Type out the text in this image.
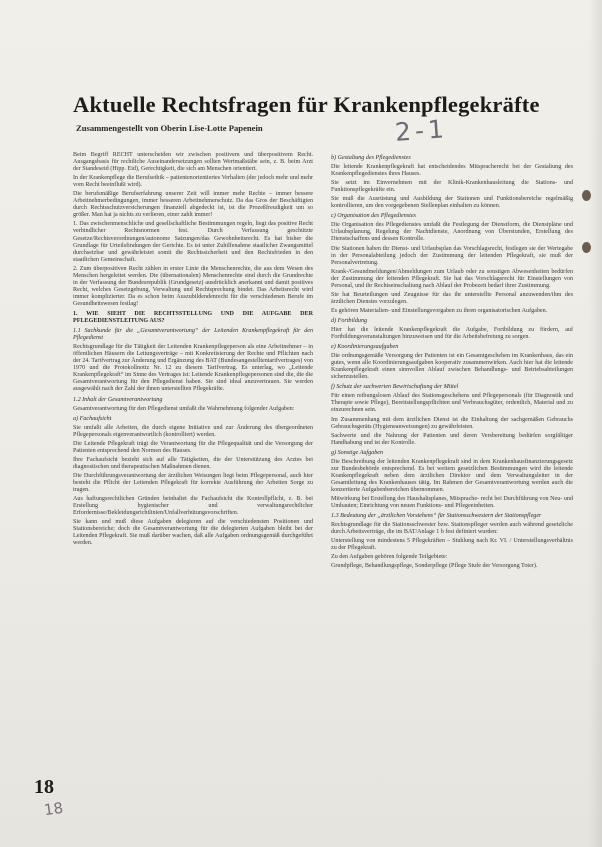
Aktuelle Rechtsfragen für Krankenpflegekräfte
Zusammengestellt von Oberin Lise-Lotte Papenein	2-1

Beim Begriff RECHT unterscheiden wir zwischen positivem und überpositivem Recht. Ausgangsbasis für rechtliche Auseinandersetzungen sollten Wertmaßstäbe sein, z. B. beim Arzt der Standeseid (Hipp. Eid), Gerechtigkeit, die sich am Menschen orientiert.

In der Krankenpflege die Berufsethik – patientenorientiertes Verhalten (der jedoch mehr und mehr vom Recht beeinflußt wird).

Die berufsmäßige Berufserfahrung unserer Zeit will immer mehr Rechte – immer bessere Arbeitnehmerbedingungen, immer besseren Arbeitnehmerschutz. Da das Gros der Beschäftigten durch Rechtsschutzversicherungen finanziell abgedeckt ist, ist die Prozeßfreudigkeit um so größer. Man hat ja nichts zu verlieren, einer zahlt immer!

1. Das zwischenmenschliche und gesellschaftliche Bestimmungen regeln, liegt das positive Recht verbindlicher Rechtsnormen fest. Durch Verfassung geschützte Gesetze/Rechtsverordnungen/autonome Satzungen/das Gewohnheitsrecht. Es hat bisher die Grundlage für Urteilsfindungen der Gerichte. Es ist unter Zuhilfenahme staatlicher Zwangsmittel durchsetzbar und gewährleistet somit die Rechtssicherheit und den Rechtsfrieden in den staatlichen Gemeinschaft.

2. Zum überpositiven Recht zählen in erster Linie die Menschenrechte, die aus dem Wesen des Menschen hergeleitet werden. Die (übernationalen) Menschenrechte sind durch die Grundrechte in der Verfassung der Bundesrepublik (Grundgesetz) ausdrücklich anerkannt und damit positives Recht, welches Gesetzgebung, Verwaltung und Rechtsprechung bindet. Das Arbeitsrecht wird immer komplizierter. Da es schon beim Auszubildendenrecht für die verschiedenen Berufe im Gesundheitswesen festlag!

1. WIE SIEHT DIE RECHTSSTELLUNG UND DIE AUFGABE DER PFLEGEDIENSTLEITUNG AUS?

1.1 Sachkunde für die „Gesamtverantwortung“ der Leitenden Krankenpflegekraft für den Pflegedienst

Rechtsgrundlage für die Tätigkeit der Leitenden Krankenpflegeperson als eine Arbeitnehmer – in öffentlichen Häusern die Leitungsverträge – mit Konkretisierung der Rechte und Pflichten nach der 24. Tarifvertrag zur Änderung und Ergänzung des BAT (Bundesangestelltentarifvertrages) von 1970 und die Protokollnotiz Nr. 12 zu diesem Tarifvertrag. Es unterlag, wo „Leitende Krankenpflegekraft“ im Sinne des Vertrages ist: Leitende Krankenpflegepersonen sind die, die die Gesamtverantwortung für den Pflegedienst haben. Sie sind ideal anzuvertrauen. Sie werden ausgewählt nach der Zahl der ihnen unterstellten Pflegekräfte.

1.2 Inhalt der Gesamtverantwortung

Gesamtverantwortung für den Pflegedienst umfaßt die Wahrnehmung folgender Aufgaben:

a) Fachaufsicht

Sie umfaßt alle Arbeiten, die durch eigene Initiative und zur Änderung des übergeordneten Pflegepersonals eigenverantwortlich (kontrolliert) werden.

Die Leitende Pflegekraft trägt die Verantwortung für die Pflegequalität und die Versorgung der Patienten entsprechend den Normen des Hauses.

Ihre Fachaufsicht bezieht sich auf alle Tätigkeiten, die der Unterstützung des Arztes bei diagnostischen und therapeutischen Maßnahmen dienen.

Die Durchführungsverantwortung der ärztlichen Weisungen liegt beim Pflegepersonal, auch hier besteht die Pflicht der Leitenden Pflegekraft für korrekte Ausführung der Arbeiten Sorge zu tragen.

Aus haftungsrechtlichen Gründen beinhaltet die Fachaufsicht die Kontrollpflicht, z. B. bei Erstellung hygienischer und verwaltungsrechtlicher Erfordernisse/Bekleidungsrichtlinien/Unfallverhütungsvorschriften.

Sie kann und muß diese Aufgaben delegieren auf die verschiedensten Positionen und Stationsbereiche; doch die Gesamtverantwortung für die delegierten Aufgaben bleibt bei der Leitenden Pflegekraft. Sie muß darüber wachen, daß alle Aufgaben ordnungsgemäß durchgeführt werden.

b) Gestaltung des Pflegedienstes

Die leitende Krankenpflegekraft hat entscheidendes Mitspracherecht bei der Gestaltung des Krankenpflegedienstes ihres Hauses.

Sie setzt im Einvernehmen mit der Klinik-Krankenhausleitung die Stations- und Funktionspflegekräfte ein.

Sie muß die Ausrüstung und Ausbildung der Stationen und Funktionsbereiche regelmäßig kontrollieren, um den vorgegebenen Stellenplan einhalten zu können.

c) Organisation des Pflegedienstes

Die Organisation des Pflegedienstes umfaßt die Festlegung der Dienstform, die Dienstpläne und Urlaubsplanung, Regelung der Nachtdienste, Anordnung von Überstunden, Erstellung des Dienstschaffens und dessen Kontrolle.

Die Stationen haben ihr Dienst- und Urlaubsplan das Vorschlagsrecht, festlegen sie der Wertegabe in der Personalabteilung jedoch der Zustimmung der leitenden Pflegekraft, sie muß der Personalvertretung.

Krank-/Gesundmeldungen/Abmeldungen zum Urlaub oder zu sonstigen Abwesenheiten bedürfen der Zustimmung der leitenden Pflegekraft. Sie hat das Vorschlagsrecht für Einstellungen von Personal, und ihr Rechtseinschaltung nach Ablauf der Probezeit bedarf ihrer Zustimmung.

Sie hat Beurteilungen und Zeugnisse für das ihr unterstellte Personal anzuwenden/ihm des ärztlichen Dienstes vorzulegen.

Es gehören Materialien- und Einstellungsvorgaben zu ihren organisatorischen Aufgaben.

d) Fortbildung

Hier hat die leitende Krankenpflegekraft die Aufgabe, Fortbildung zu fördern, auf Fortbildungsveranstaltungen hinzuweisen und für die Arbeitsbefreiung zu sorgen.

e) Koordinierungsaufgaben

Die ordnungsgemäße Versorgung der Patienten ist ein Gesamtgeschehen im Krankenhaus, das ein gutes, wenn alle Koordinierungsaufgaben kooperativ zusammenwirken. Auch hier hat die leitende Krankenpflegekraft einen sinnvollen Ablauf zwischen Behandlungs- und Betriebsabteilungen sicherzustellen.

f) Schutz der sachwerten Bewirtschaftung der Mittel

Für einen reibungslosen Ablauf des Stationsgeschehens und Pflegepersonals (für Diagnostik und Therapie sowie Pflege), Bereitstellungspflichten und Verbrauchsgüter, ordentlich, Material und zu einzurechnen sein.

Im Zusammenhang mit dem ärztlichen Dienst ist die Einhaltung der sachgemäßen Gebrauchs Gebrauchsgeräts (Hygieneanweisungen) zu gewährleisten.

Sachwerte und die Nahrung der Patienten und deren Versbereitung bedürfen sorgfältiger Handhabung und ist der Kontrolle.

g) Sonstige Aufgaben

Die Beschreibung der leitenden Krankenpflegekraft sind in dem Krankenhausfinanzierungsgesetz zur Bundesbehörde entsprechend. Es bei weitem gesetzlichen Bestimmungen wird die leitende Krankenpflegekraft neben dem ärztlichen Direktor und dem Verwaltungsleiter in der Gesamtleitung des Krankenhauses tätig. Im Rahmen der Gesamtverantwortung werden auch die konzertierte Aufgabenbereichen übernommen.

Mitwirkung bei Erstellung des Haushaltsplanes, Mitsprache- recht bei Durchführung von Neu- und Umbauten; Einrichtung von neuen Funktions- und Pflegeeinheiten.

1.3 Bedeutung der „ärztlichen Vorstehens“ für Stationsschwestern der Stationspfleger

Rechtsgrundlage für die Stationsschwester bzw. Stationspfleger werden auch während gesetzliche durch Arbeitsverträge, die im BAT/Anlage 1 b fest definiert wurden:

Unterstellung von mindestens 5 Pflegekräften – Stuhlung nach Kr. VI. / Unterstellungsverhältnis zu der Pflegekraft.

Zu den Aufgaben gehören folgende Teilgebiete:

Grundpflege, Behandlungspflege, Sonderpflege (Pflege Stufe der Versorgung Toter).

18
18
